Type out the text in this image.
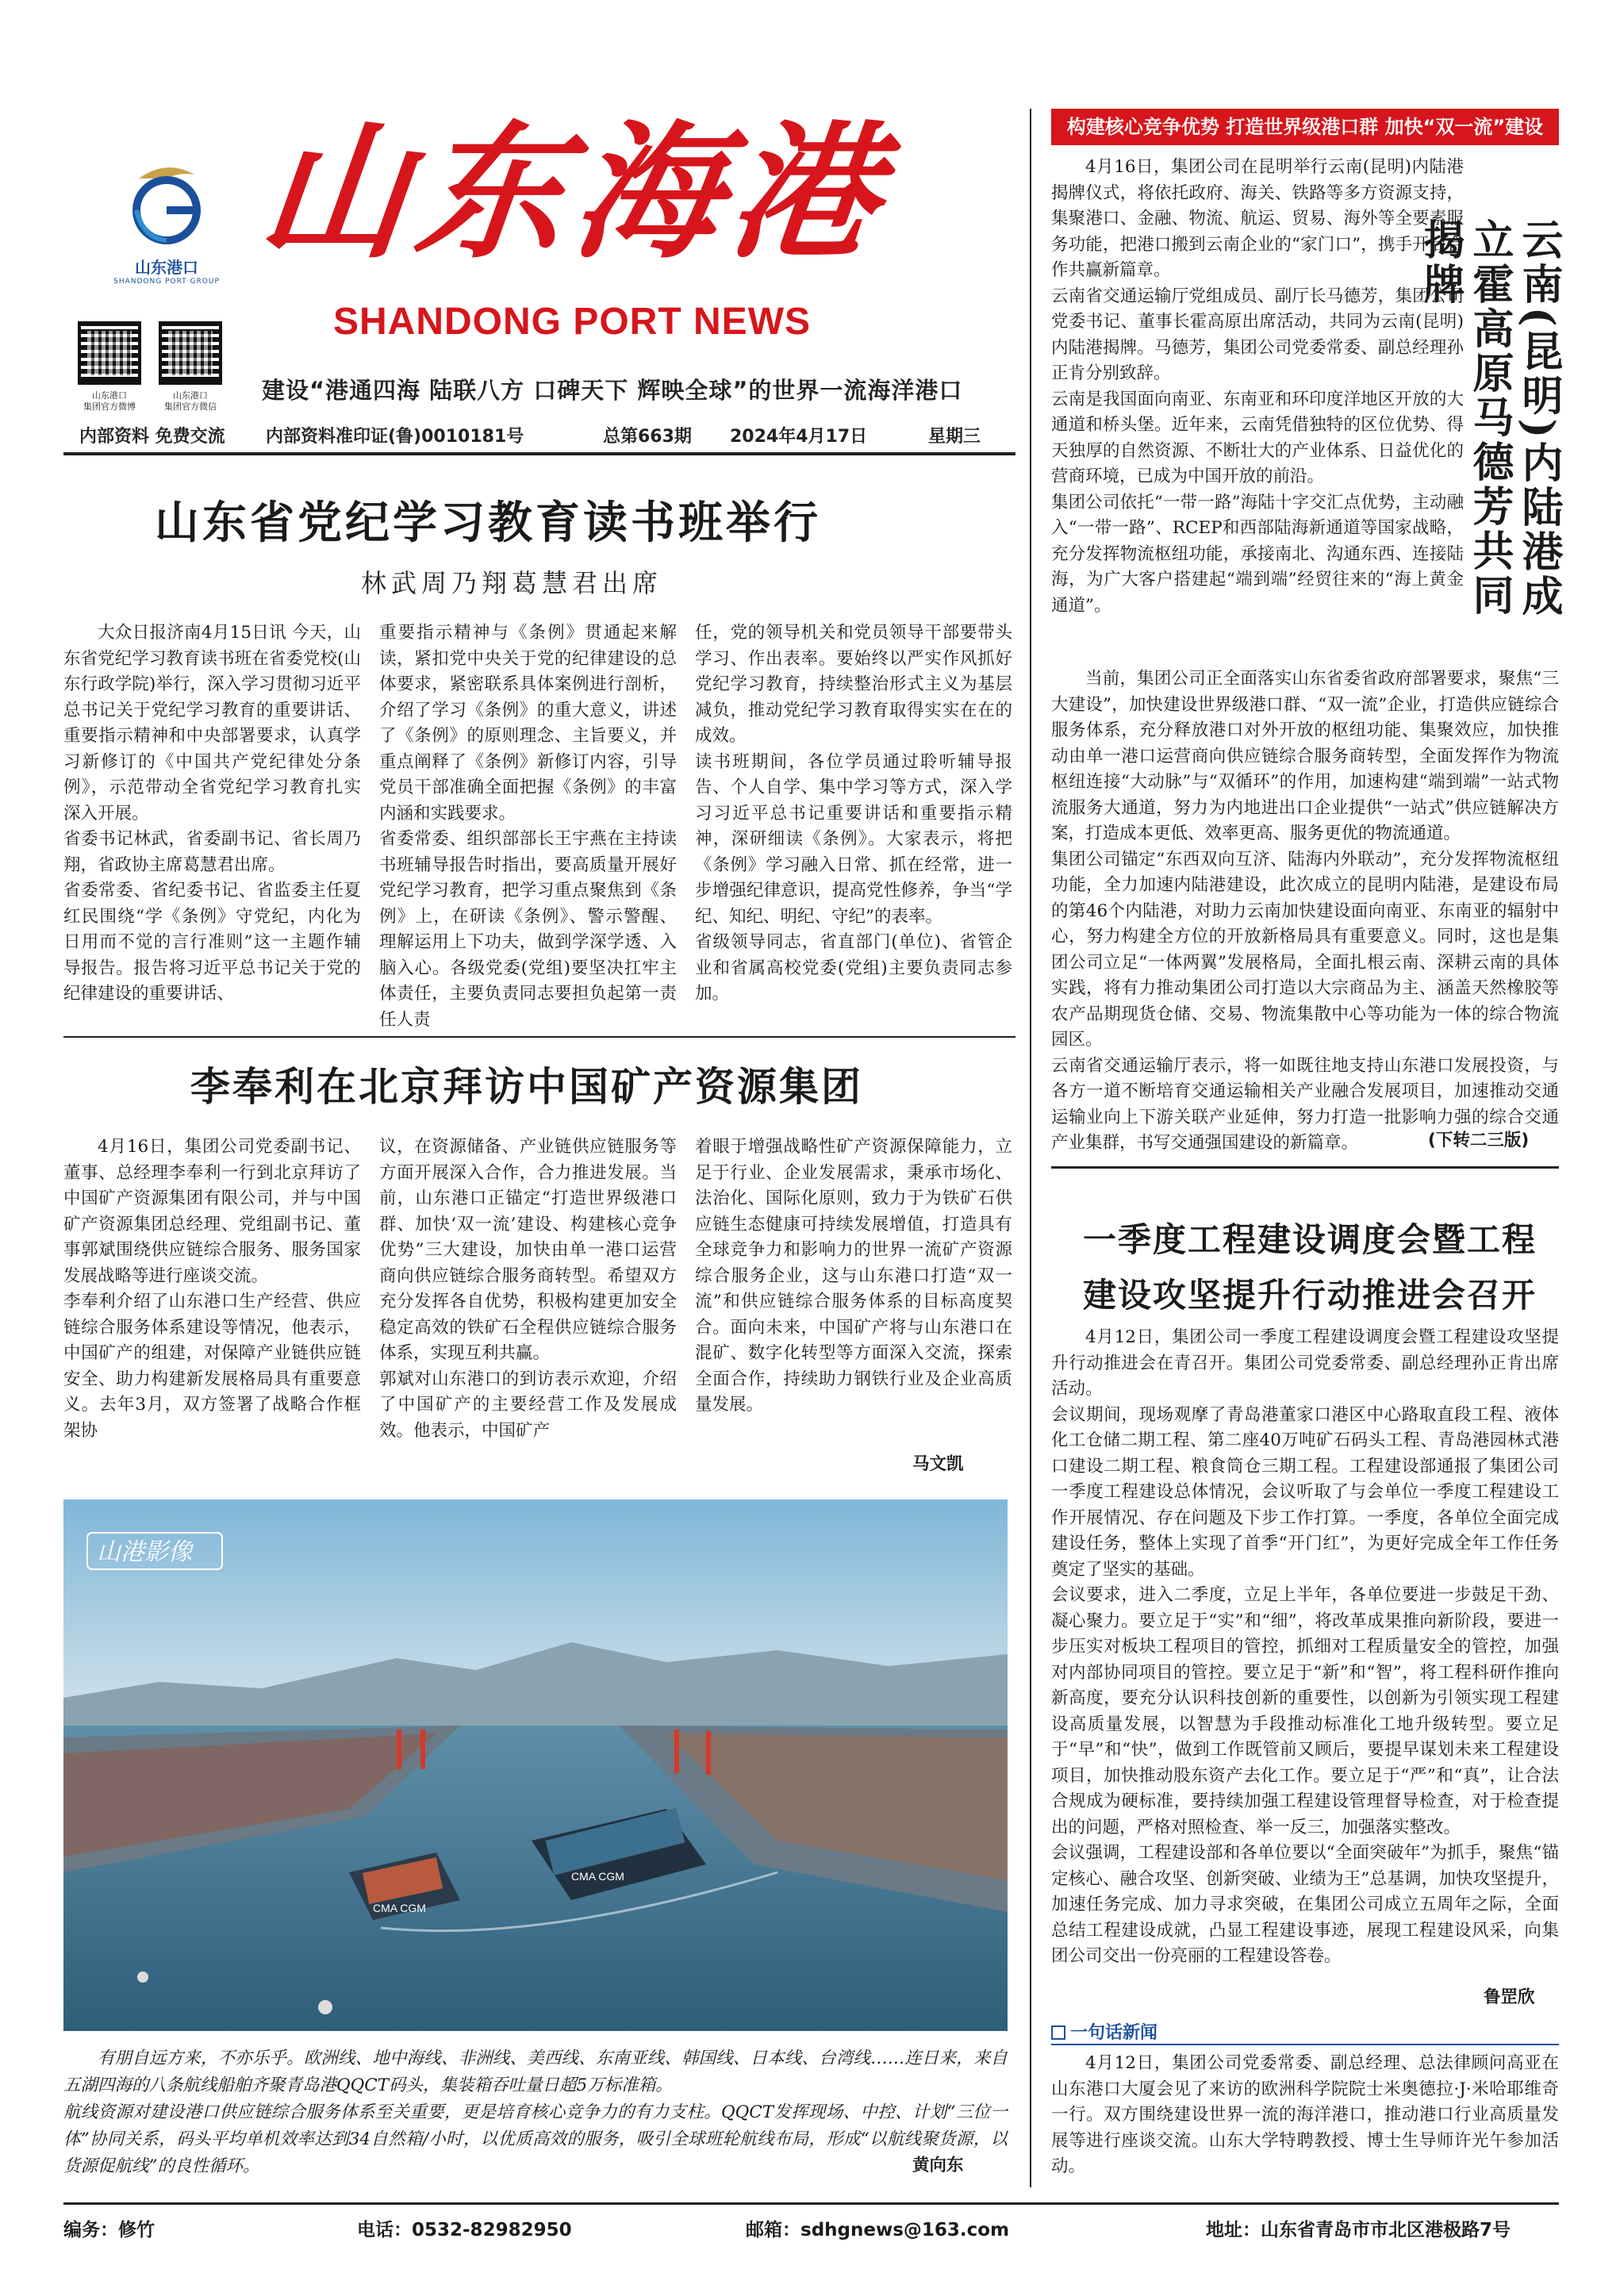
山东港口
SHANDONG PORT GROUP
山东海港
SHANDONG PORT NEWS
山东港口
集团官方微博
山东港口
集团官方微信
建设“港通四海 陆联八方 口碑天下 辉映全球”的世界一流海洋港口
内部资料 免费交流 内部资料准印证(鲁)0010181号	总第663期 2024年4月17日	星期三
山东省党纪学习教育读书班举行
林武周乃翔葛慧君出席
大众日报济南4月15日讯 今天，山东省党纪学习教育读书班在省委党校(山东行政学院)举行，深入学习贯彻习近平总书记关于党纪学习教育的重要讲话、重要指示精神和中央部署要求，认真学习新修订的《中国共产党纪律处分条例》，示范带动全省党纪学习教育扎实深入开展。
省委书记林武，省委副书记、省长周乃翔，省政协主席葛慧君出席。
省委常委、省纪委书记、省监委主任夏红民围绕“学《条例》守党纪，内化为日用而不觉的言行准则”这一主题作辅导报告。报告将习近平总书记关于党的纪律建设的重要讲话、
重要指示精神与《条例》贯通起来解读，紧扣党中央关于党的纪律建设的总体要求，紧密联系具体案例进行剖析，介绍了学习《条例》的重大意义，讲述了《条例》的原则理念、主旨要义，并重点阐释了《条例》新修订内容，引导党员干部准确全面把握《条例》的丰富内涵和实践要求。
省委常委、组织部部长王宇燕在主持读书班辅导报告时指出，要高质量开展好党纪学习教育，把学习重点聚焦到《条例》上，在研读《条例》、警示警醒、理解运用上下功夫，做到学深学透、入脑入心。各级党委(党组)要坚决扛牢主体责任，主要负责同志要担负起第一责任人责
任，党的领导机关和党员领导干部要带头学习、作出表率。要始终以严实作风抓好党纪学习教育，持续整治形式主义为基层减负，推动党纪学习教育取得实实在在的成效。
读书班期间，各位学员通过聆听辅导报告、个人自学、集中学习等方式，深入学习习近平总书记重要讲话和重要指示精神，深研细读《条例》。大家表示，将把《条例》学习融入日常、抓在经常，进一步增强纪律意识，提高党性修养，争当“学纪、知纪、明纪、守纪”的表率。
省级领导同志，省直部门(单位)、省管企业和省属高校党委(党组)主要负责同志参加。
李奉利在北京拜访中国矿产资源集团
4月16日，集团公司党委副书记、董事、总经理李奉利一行到北京拜访了中国矿产资源集团有限公司，并与中国矿产资源集团总经理、党组副书记、董事郭斌围绕供应链综合服务、服务国家发展战略等进行座谈交流。
李奉利介绍了山东港口生产经营、供应链综合服务体系建设等情况，他表示，中国矿产的组建，对保障产业链供应链安全、助力构建新发展格局具有重要意义。去年3月，双方签署了战略合作框架协
议，在资源储备、产业链供应链服务等方面开展深入合作，合力推进发展。当前，山东港口正锚定“打造世界级港口群、加快‘双一流’建设、构建核心竞争优势”三大建设，加快由单一港口运营商向供应链综合服务商转型。希望双方充分发挥各自优势，积极构建更加安全稳定高效的铁矿石全程供应链综合服务体系，实现互利共赢。
郭斌对山东港口的到访表示欢迎，介绍了中国矿产的主要经营工作及发展成效。他表示，中国矿产
着眼于增强战略性矿产资源保障能力，立足于行业、企业发展需求，秉承市场化、法治化、国际化原则，致力于为铁矿石供应链生态健康可持续发展增值，打造具有全球竞争力和影响力的世界一流矿产资源综合服务企业，这与山东港口打造“双一流”和供应链综合服务体系的目标高度契合。面向未来，中国矿产将与山东港口在混矿、数字化转型等方面深入交流，探索全面合作，持续助力钢铁行业及企业高质量发展。
马文凯
CMA CGM
CMA CGM
山港影像
有朋自远方来，不亦乐乎。欧洲线、地中海线、非洲线、美西线、东南亚线、韩国线、日本线、台湾线……连日来，来自五湖四海的八条航线船舶齐聚青岛港QQCT码头，集装箱吞吐量日超5万标准箱。
航线资源对建设港口供应链综合服务体系至关重要，更是培育核心竞争力的有力支柱。QQCT发挥现场、中控、计划“三位一体”协同关系，码头平均单机效率达到34自然箱/小时，以优质高效的服务，吸引全球班轮航线布局，形成“以航线聚货源，以货源促航线”的良性循环。	黄向东
构建核心竞争优势 打造世界级港口群 加快“双一流”建设
云南(昆明)内陆港成立霍高原马德芳共同揭牌
4月16日，集团公司在昆明举行云南(昆明)内陆港揭牌仪式，将依托政府、海关、铁路等多方资源支持，集聚港口、金融、物流、航运、贸易、海外等全要素服务功能，把港口搬到云南企业的“家门口”，携手开启合作共赢新篇章。
云南省交通运输厅党组成员、副厅长马德芳，集团公司党委书记、董事长霍高原出席活动，共同为云南(昆明)内陆港揭牌。马德芳，集团公司党委常委、副总经理孙正肯分别致辞。
云南是我国面向南亚、东南亚和环印度洋地区开放的大通道和桥头堡。近年来，云南凭借独特的区位优势、得天独厚的自然资源、不断壮大的产业体系、日益优化的营商环境，已成为中国开放的前沿。
集团公司依托“一带一路”海陆十字交汇点优势，主动融入“一带一路”、RCEP和西部陆海新通道等国家战略，充分发挥物流枢纽功能，承接南北、沟通东西、连接陆海，为广大客户搭建起“端到端”经贸往来的“海上黄金通道”。
当前，集团公司正全面落实山东省委省政府部署要求，聚焦“三大建设”，加快建设世界级港口群、“双一流”企业，打造供应链综合服务体系，充分释放港口对外开放的枢纽功能、集聚效应，加快推动由单一港口运营商向供应链综合服务商转型，全面发挥作为物流枢纽连接“大动脉”与“双循环”的作用，加速构建“端到端”一站式物流服务大通道，努力为内地进出口企业提供“一站式”供应链解决方案，打造成本更低、效率更高、服务更优的物流通道。
集团公司锚定“东西双向互济、陆海内外联动”，充分发挥物流枢纽功能，全力加速内陆港建设，此次成立的昆明内陆港，是建设布局的第46个内陆港，对助力云南加快建设面向南亚、东南亚的辐射中心，努力构建全方位的开放新格局具有重要意义。同时，这也是集团公司立足“一体两翼”发展格局，全面扎根云南、深耕云南的具体实践，将有力推动集团公司打造以大宗商品为主、涵盖天然橡胶等农产品期现货仓储、交易、物流集散中心等功能为一体的综合物流园区。
云南省交通运输厅表示，将一如既往地支持山东港口发展投资，与各方一道不断培育交通运输相关产业融合发展项目，加速推动交通运输业向上下游关联产业延伸，努力打造一批影响力强的综合交通产业集群，书写交通强国建设的新篇章。	(下转二三版)
一季度工程建设调度会暨工程
建设攻坚提升行动推进会召开
4月12日，集团公司一季度工程建设调度会暨工程建设攻坚提升行动推进会在青召开。集团公司党委常委、副总经理孙正肯出席活动。
会议期间，现场观摩了青岛港董家口港区中心路取直段工程、液体化工仓储二期工程、第二座40万吨矿石码头工程、青岛港园林式港口建设二期工程、粮食筒仓三期工程。工程建设部通报了集团公司一季度工程建设总体情况，会议听取了与会单位一季度工程建设工作开展情况、存在问题及下步工作打算。一季度，各单位全面完成建设任务，整体上实现了首季“开门红”，为更好完成全年工作任务奠定了坚实的基础。
会议要求，进入二季度，立足上半年，各单位要进一步鼓足干劲、凝心聚力。要立足于“实”和“细”，将改革成果推向新阶段，要进一步压实对板块工程项目的管控，抓细对工程质量安全的管控，加强对内部协同项目的管控。要立足于“新”和“智”，将工程科研作推向新高度，要充分认识科技创新的重要性，以创新为引领实现工程建设高质量发展，以智慧为手段推动标准化工地升级转型。要立足于“早”和“快”，做到工作既管前又顾后，要提早谋划未来工程建设项目，加快推动股东资产去化工作。要立足于“严”和“真”，让合法合规成为硬标准，要持续加强工程建设管理督导检查，对于检查提出的问题，严格对照检查、举一反三，加强落实整改。
会议强调，工程建设部和各单位要以“全面突破年”为抓手，聚焦“锚定核心、融合攻坚、创新突破、业绩为王”总基调，加快攻坚提升，加速任务完成、加力寻求突破，在集团公司成立五周年之际，全面总结工程建设成就，凸显工程建设事迹，展现工程建设风采，向集团公司交出一份亮丽的工程建设答卷。
鲁罡欣
一句话新闻
4月12日，集团公司党委常委、副总经理、总法律顾问高亚在山东港口大厦会见了来访的欧洲科学院院士米奥德拉·J·米哈耶维奇一行。双方围绕建设世界一流的海洋港口，推动港口行业高质量发展等进行座谈交流。山东大学特聘教授、博士生导师许光午参加活动。
编务：修竹	电话：0532-82982950	邮箱：sdhgnews@163.com	地址：山东省青岛市市北区港极路7号
